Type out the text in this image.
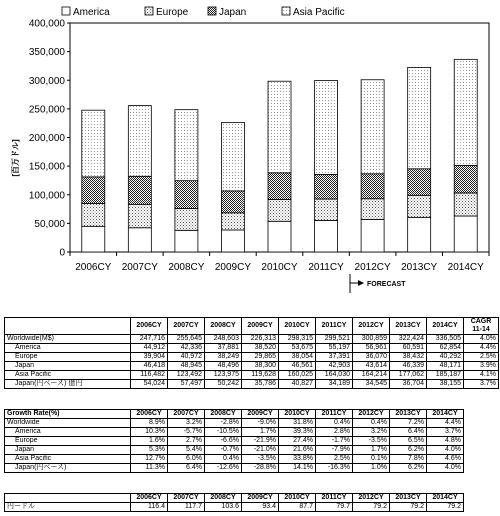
America	Europe	Japan	Asia Pacific
[百万ドル]
0
50,000
100,000
150,000
200,000
250,000
300,000
350,000
400,000
2006CY 2007CY 2008CY 2009CY 2010CY 2011CY 2012CY 2013CY 2014CY
FORECAST
	2006CY	2007CY	2008CY	2009CY	2010CY	2011CY	2012CY	2013CY	2014CY	CAGR 11-14
Worldwide(M$)	247,716	255,645	248,603	226,313	298,315	299,521	300,859	322,424	336,505	4.0%
America	44,912	42,336	37,881	38,520	53,675	55,197	56,961	60,591	62,854	4.4%
Europe	39,904	40,972	38,249	29,865	38,054	37,391	36,070	38,432	40,292	2.5%
Japan	46,418	48,945	48,496	38,300	46,561	42,903	43,614	46,339	48,171	3.9%
Asia Pacific	116,482	123,492	123,975	119,628	160,025	164,030	164,214	177,062	185,187	4.1%
Japan(円ベース) 億円	54,024	57,497	50,242	35,786	40,827	34,189	34,545	36,704	38,155	3.7%
Growth Rate(%)	2006CY	2007CY	2008CY	2009CY	2010CY	2011CY	2012CY	2013CY	2014CY
Worldwide	8.9%	3.2%	-2.8%	-9.0%	31.8%	0.4%	0.4%	7.2%	4.4%
America	10.3%	-5.7%	-10.5%	1.7%	39.3%	2.8%	3.2%	6.4%	3.7%
Europe	1.6%	2.7%	-6.6%	-21.9%	27.4%	-1.7%	-3.5%	6.5%	4.8%
Japan	5.3%	5.4%	-0.7%	-21.0%	21.6%	-7.9%	1.7%	6.2%	4.0%
Asia Pacific	12.7%	6.0%	0.4%	-3.5%	33.8%	2.5%	0.1%	7.8%	4.6%
Japan(円ベース)	11.3%	6.4%	-12.6%	-28.8%	14.1%	-16.3%	1.0%	6.2%	4.0%
	2006CY	2007CY	2008CY	2009CY	2010CY	2011CY	2012CY	2013CY	2014CY
円ードル	116.4	117.7	103.6	93.4	87.7	79.7	79.2	79.2	79.2
